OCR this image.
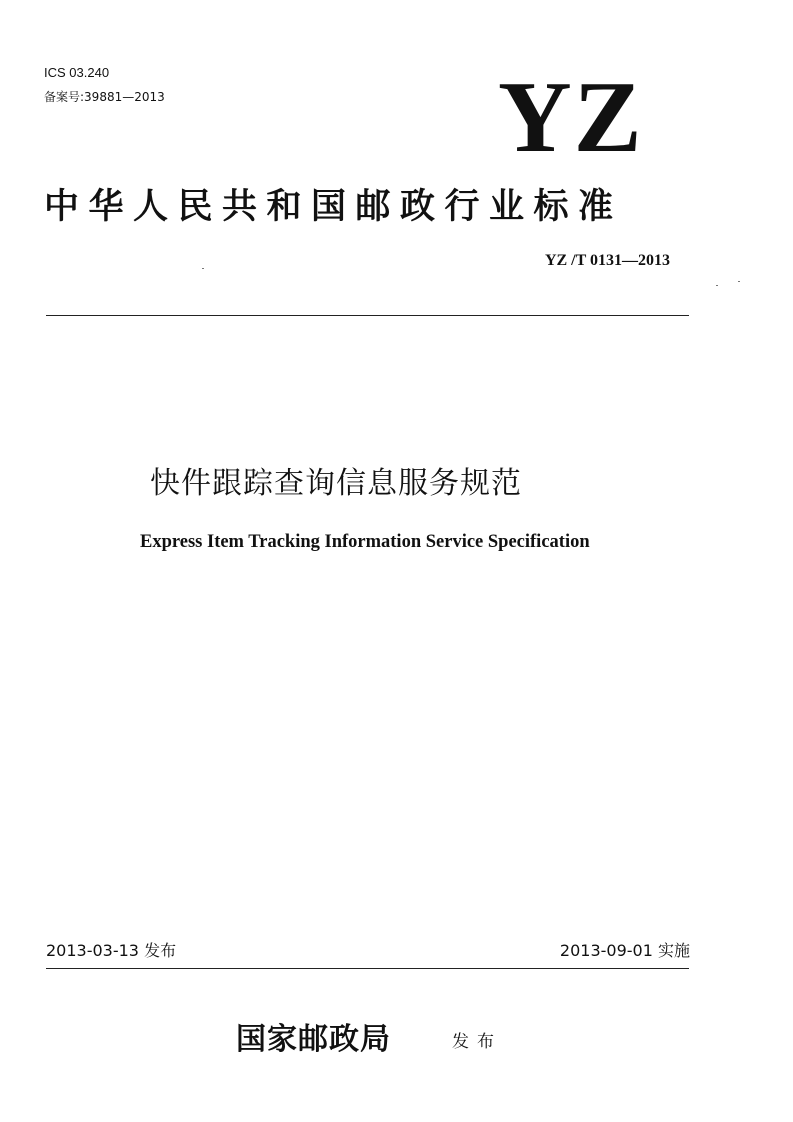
ICS 03.240
备案号:39881—2013	YZ
中华人民共和国邮政行业标准
YZ /T 0131—2013
快件跟踪查询信息服务规范
Express Item Tracking Information Service Specification
2013-03-13 发布	2013-09-01 实施
国家邮政局	发布
